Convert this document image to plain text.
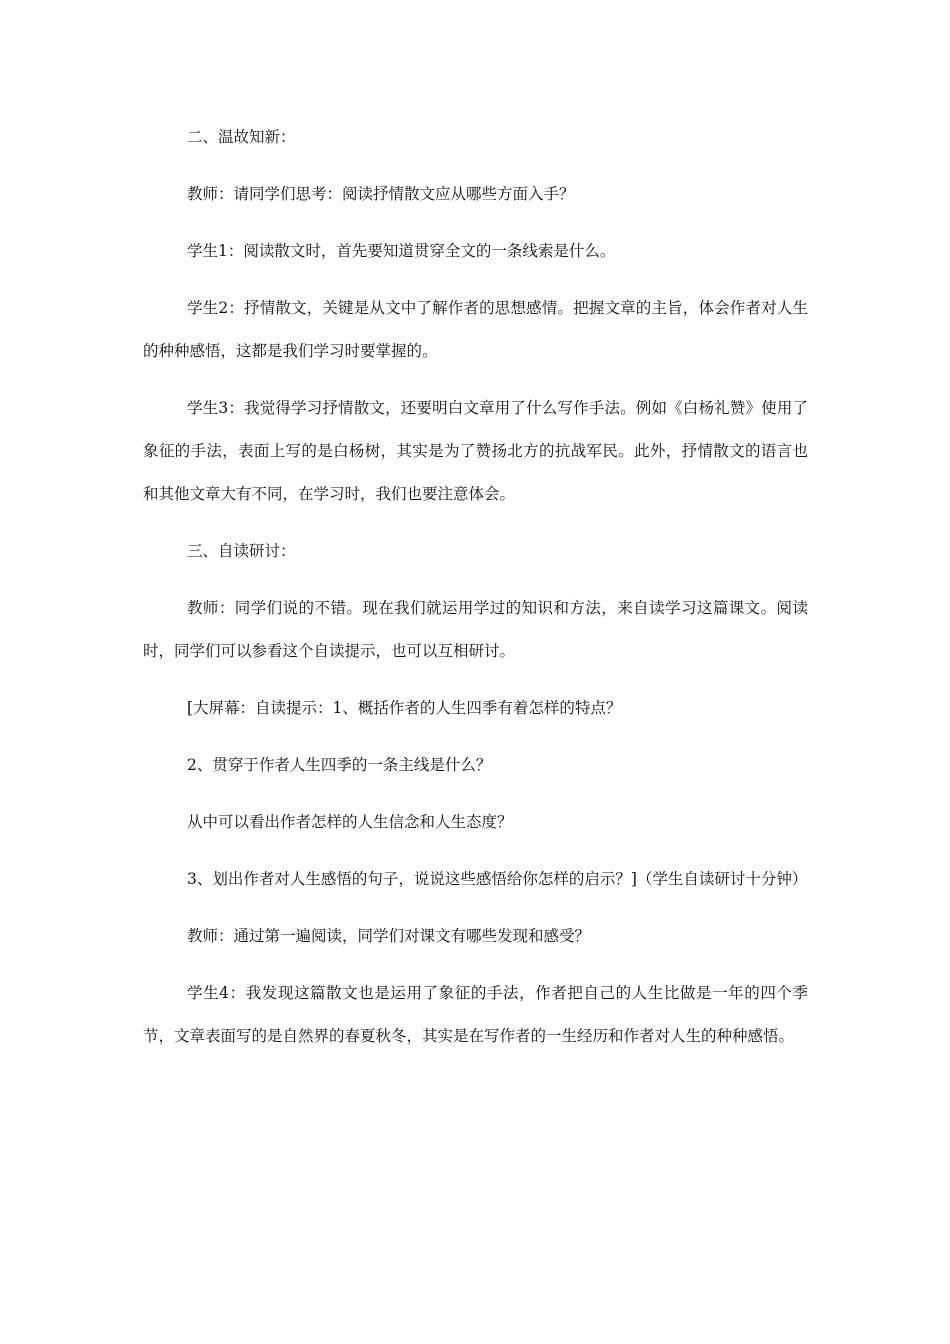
二、温故知新：

教师：请同学们思考：阅读抒情散文应从哪些方面入手？

学生1：阅读散文时，首先要知道贯穿全文的一条线索是什么。

学生2：抒情散文，关键是从文中了解作者的思想感情。把握文章的主旨，体会作者对人生的种种感悟，这都是我们学习时要掌握的。

学生3：我觉得学习抒情散文，还要明白文章用了什么写作手法。例如《白杨礼赞》使用了象征的手法，表面上写的是白杨树，其实是为了赞扬北方的抗战军民。此外，抒情散文的语言也和其他文章大有不同，在学习时，我们也要注意体会。

三、自读研讨：

教师：同学们说的不错。现在我们就运用学过的知识和方法，来自读学习这篇课文。阅读时，同学们可以参看这个自读提示，也可以互相研讨。

[大屏幕：自读提示：1、概括作者的人生四季有着怎样的特点？

2、贯穿于作者人生四季的一条主线是什么？

从中可以看出作者怎样的人生信念和人生态度？

3、划出作者对人生感悟的句子，说说这些感悟给你怎样的启示？]（学生自读研讨十分钟）

教师：通过第一遍阅读，同学们对课文有哪些发现和感受？

学生4：我发现这篇散文也是运用了象征的手法，作者把自己的人生比做是一年的四个季节，文章表面写的是自然界的春夏秋冬，其实是在写作者的一生经历和作者对人生的种种感悟。
